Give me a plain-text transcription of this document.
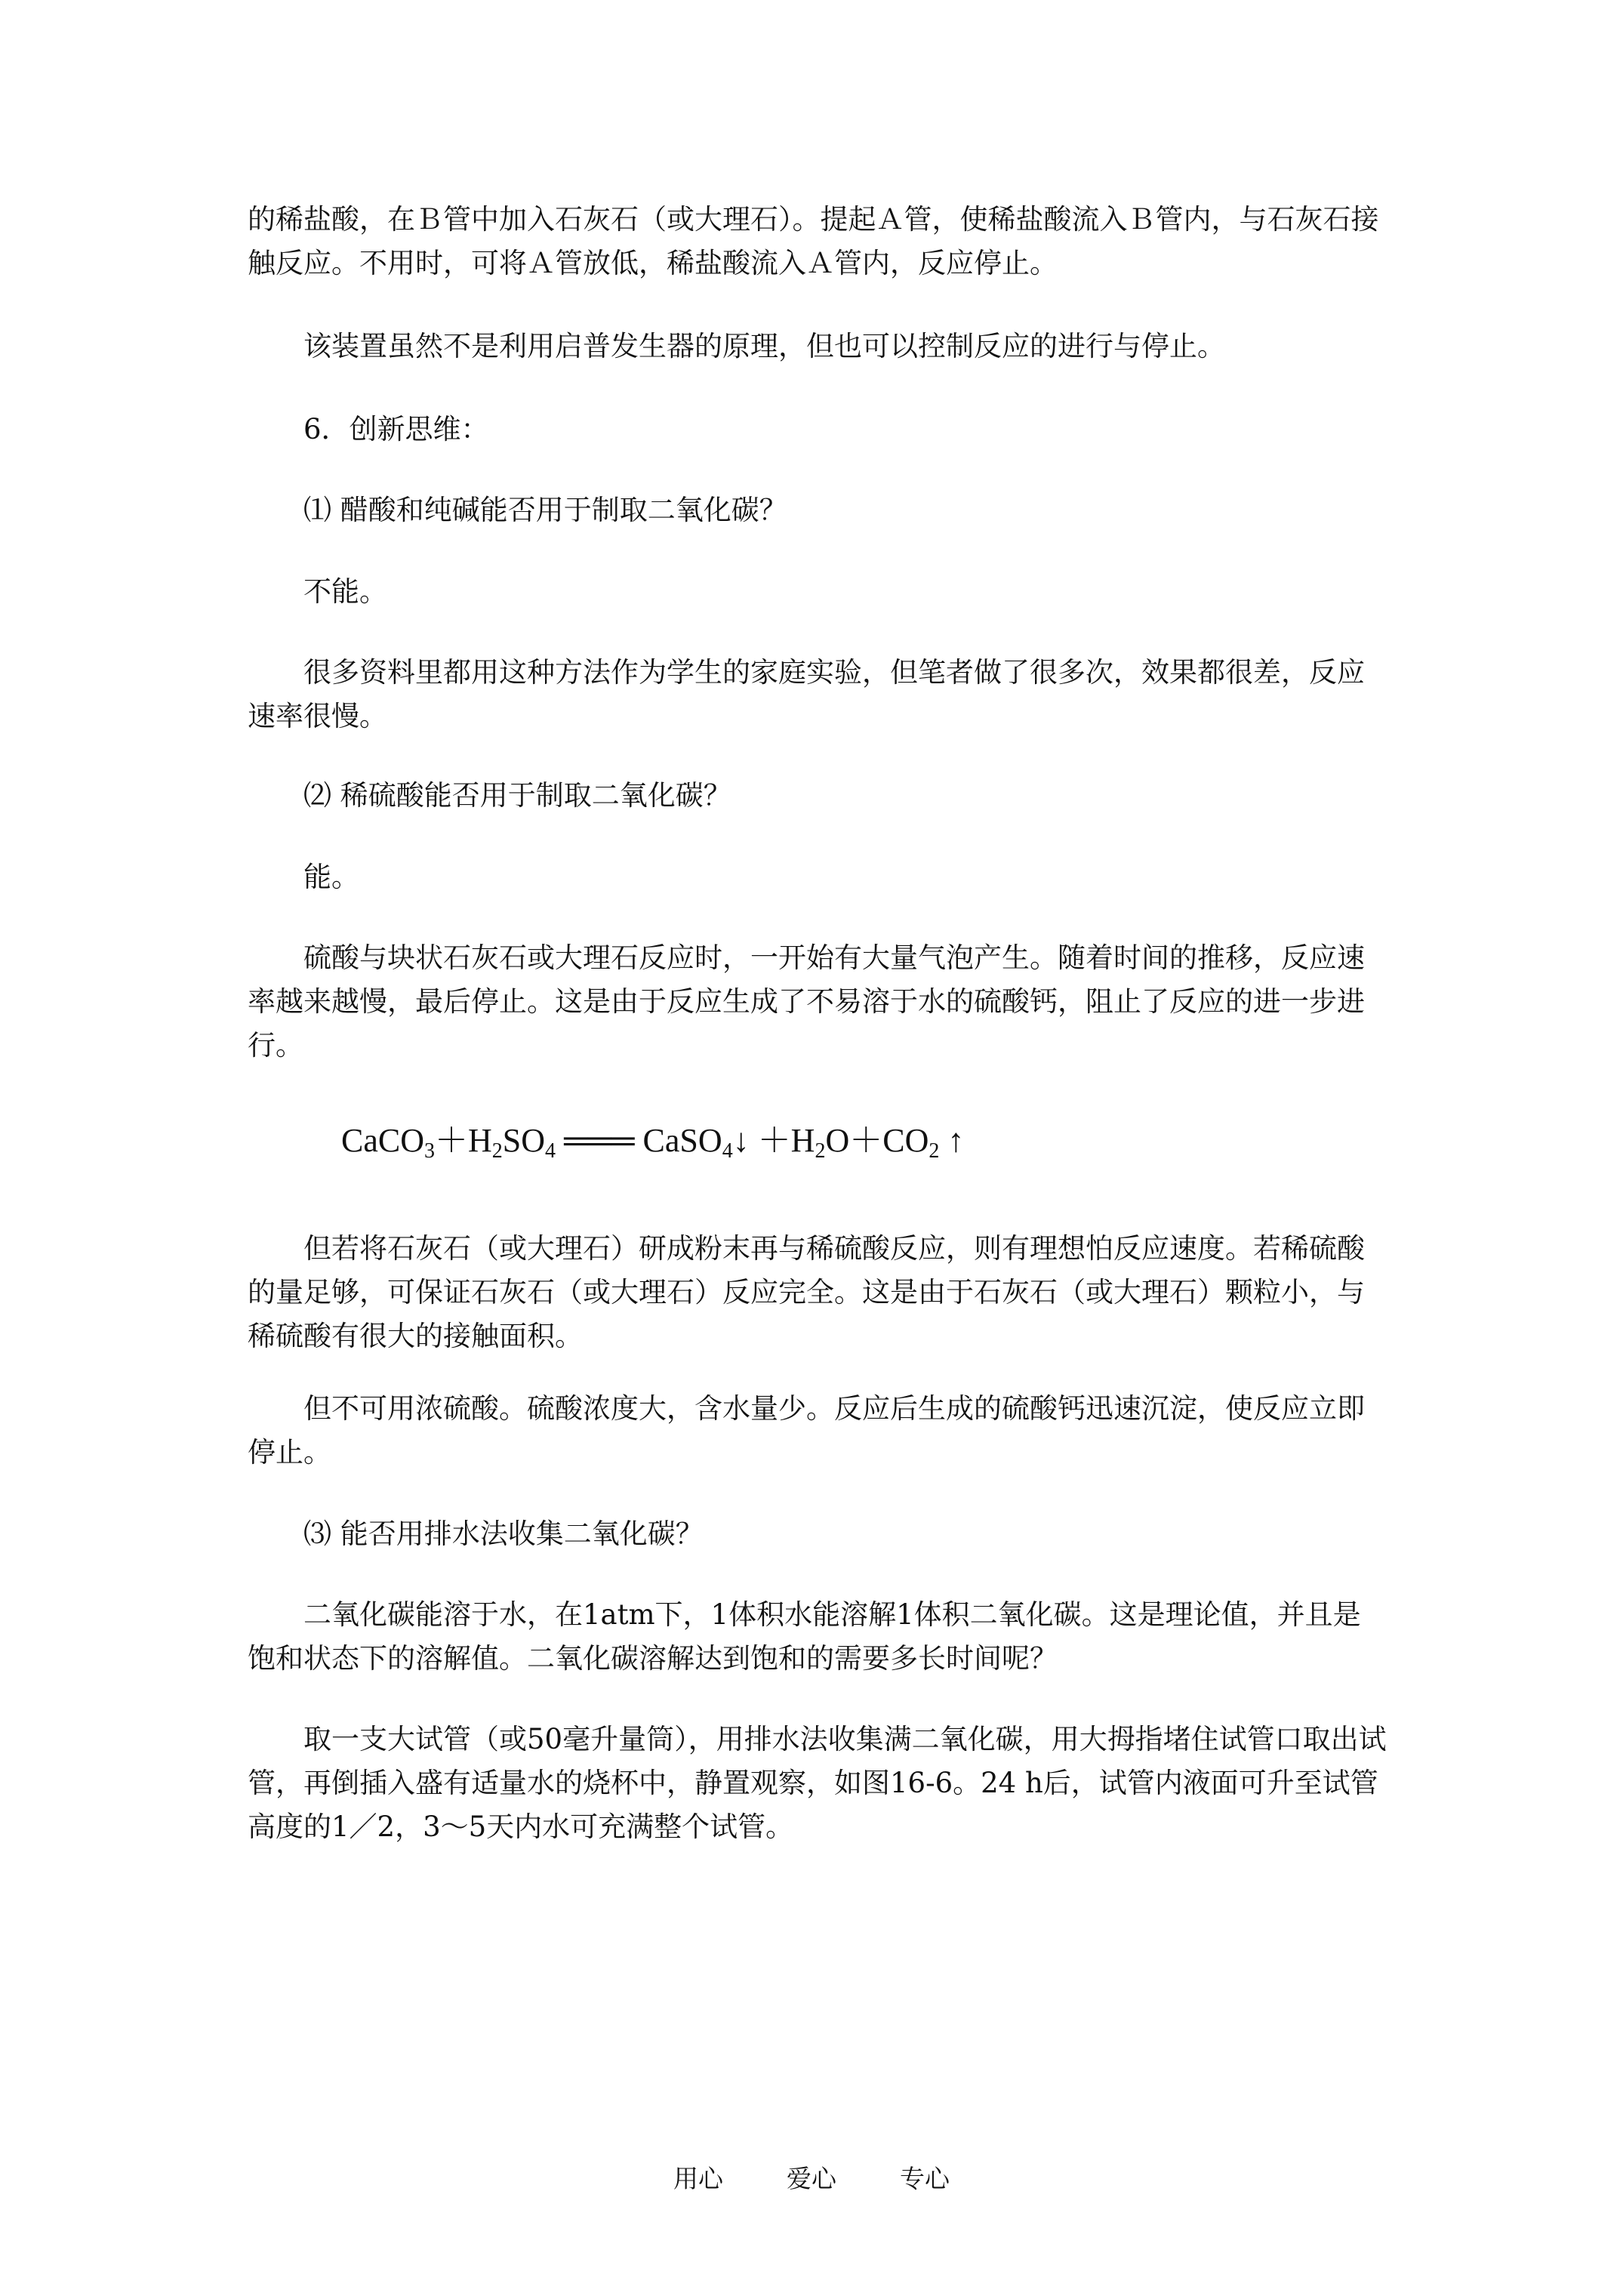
的稀盐酸，在Ｂ管中加入石灰石（或大理石）。提起Ａ管，使稀盐酸流入Ｂ管内，与石灰石接触反应。不用时，可将Ａ管放低，稀盐酸流入Ａ管内，反应停止。

该装置虽然不是利用启普发生器的原理，但也可以控制反应的进行与停止。

6．创新思维：

⑴ 醋酸和纯碱能否用于制取二氧化碳？

不能。

很多资料里都用这种方法作为学生的家庭实验，但笔者做了很多次，效果都很差，反应速率很慢。

⑵ 稀硫酸能否用于制取二氧化碳？

能。

硫酸与块状石灰石或大理石反应时，一开始有大量气泡产生。随着时间的推移，反应速率越来越慢，最后停止。这是由于反应生成了不易溶于水的硫酸钙，阻止了反应的进一步进行。

$CaCO_3+H_2SO_4$ ═══ CaSO$_4$↓ $+H_2O+CO_2$ ↑

但若将石灰石（或大理石）研成粉末再与稀硫酸反应，则有理想怕反应速度。若稀硫酸的量足够，可保证石灰石（或大理石）反应完全。这是由于石灰石（或大理石）颗粒小，与稀硫酸有很大的接触面积。

但不可用浓硫酸。硫酸浓度大，含水量少。反应后生成的硫酸钙迅速沉淀，使反应立即停止。

⑶ 能否用排水法收集二氧化碳？

二氧化碳能溶于水，在1atm下，1体积水能溶解1体积二氧化碳。这是理论值，并且是饱和状态下的溶解值。二氧化碳溶解达到饱和的需要多长时间呢？

取一支大试管（或50毫升量筒），用排水法收集满二氧化碳，用大拇指堵住试管口取出试管，再倒插入盛有适量水的烧杯中，静置观察，如图16-6。24 h后，试管内液面可升至试管高度的1／2，3～5天内水可充满整个试管。

用心	爱心	专心
